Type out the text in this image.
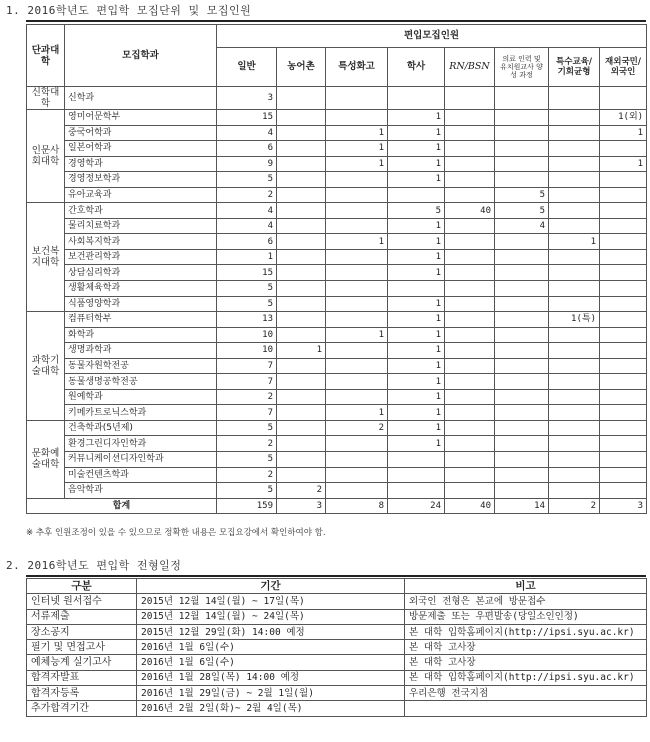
1. 2016학년도 편입학 모집단위 및 모집인원
단과대학	모집학과	편입모집인원							
		일반	농어촌	특성화고	학사	RN/BSN	의료 인력 및 유치원교사 양성 과정	특수교육/기회균형	재외국민/외국인
신학대학	신학과	3							
인문사회대학	영미어문학부	15			1				1(외)
	중국어학과	4		1	1				1
	일본어학과	6		1	1				
	경영학과	9		1	1				1
	경영정보학과	5			1				
	유아교육과	2					5		
보건복지대학	간호학과	4			5	40	5		
	물리치료학과	4			1		4		
	사회복지학과	6		1	1			1	
	보건관리학과	1			1				
	상담심리학과	15			1				
	생활체육학과	5							
	식품영양학과	5			1				
과학기술대학	컴퓨터학부	13			1			1(특)	
	화학과	10		1	1				
	생명과학과	10	1		1				
	동물자원학전공	7			1				
	동물생명공학전공	7			1				
	원예학과	2			1				
	키메카트로닉스학과	7		1	1				
문화예술대학	건축학과(5년제)	5		2	1				
	환경그린디자인학과	2			1				
	커뮤니케이션디자인학과	5							
	미술컨텐츠학과	2							
	음악학과	5	2						
합계		159	3	8	24	40	14	2	3
※ 추후 인원조정이 있을 수 있으므로 정확한 내용은 모집요강에서 확인하여야 함.
2. 2016학년도 편입학 전형일정
구분	기간	비고
인터넷 원서접수	2015년 12월 14일(월) ~ 17일(목)	외국인 전형은 본교에 방문접수
서류제출	2015년 12월 14일(월) ~ 24일(목)	방문제출 또는 우편발송(당일소인인정)
장소공지	2015년 12월 29일(화) 14:00 예정	본 대학 입학홈페이지(http://ipsi.syu.ac.kr)
필기 및 면접고사	2016년 1월 6일(수)	본 대학 고사장
예체능계 실기고사	2016년 1월 6일(수)	본 대학 고사장
합격자발표	2016년 1월 28일(목) 14:00 예정	본 대학 입학홈페이지(http://ipsi.syu.ac.kr)
합격자등록	2016년 1월 29일(금) ~ 2월 1일(월)	우리은행 전국지점
추가합격기간	2016년 2월 2일(화)~ 2월 4일(목)	
